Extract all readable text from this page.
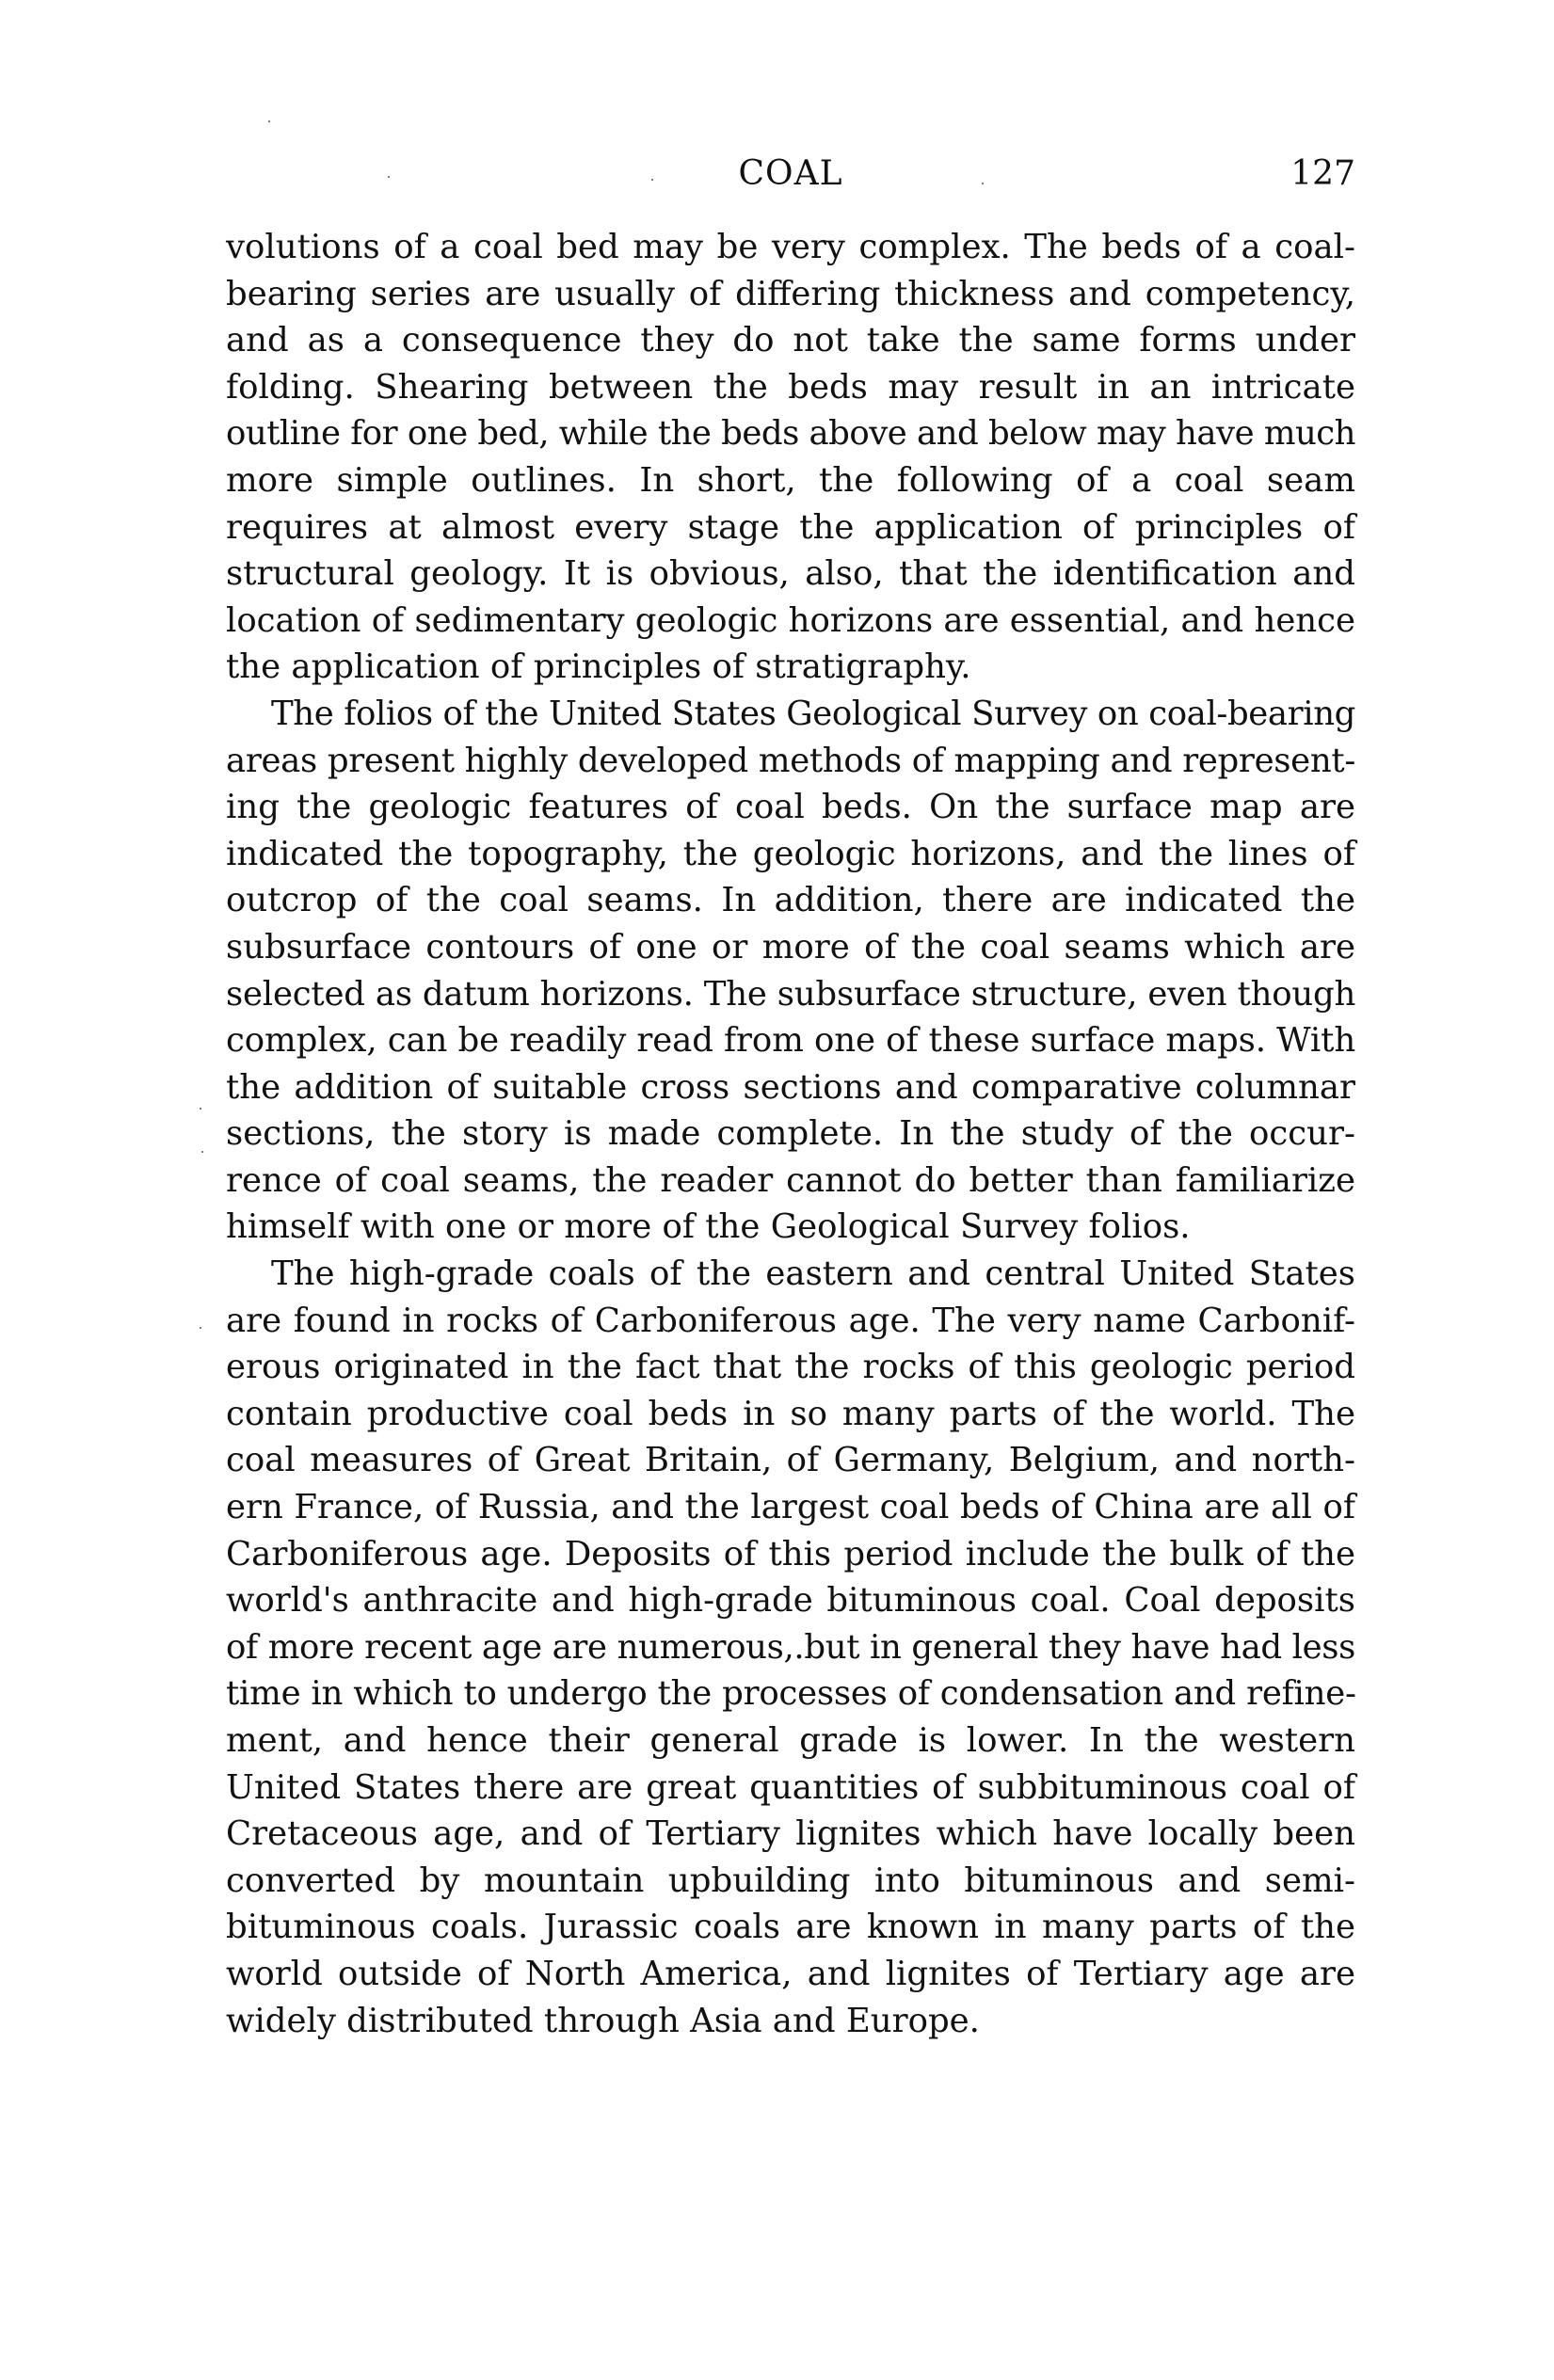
COAL	127
volutions of a coal bed may be very complex. The beds of a coal-
bearing series are usually of differing thickness and competency,
and as a consequence they do not take the same forms under
folding. Shearing between the beds may result in an intricate
outline for one bed, while the beds above and below may have much
more simple outlines. In short, the following of a coal seam
requires at almost every stage the application of principles of
structural geology. It is obvious, also, that the identification and
location of sedimentary geologic horizons are essential, and hence
the application of principles of stratigraphy.
The folios of the United States Geological Survey on coal-bearing
areas present highly developed methods of mapping and represent-
ing the geologic features of coal beds. On the surface map are
indicated the topography, the geologic horizons, and the lines of
outcrop of the coal seams. In addition, there are indicated the
subsurface contours of one or more of the coal seams which are
selected as datum horizons. The subsurface structure, even though
complex, can be readily read from one of these surface maps. With
the addition of suitable cross sections and comparative columnar
sections, the story is made complete. In the study of the occur-
rence of coal seams, the reader cannot do better than familiarize
himself with one or more of the Geological Survey folios.
The high-grade coals of the eastern and central United States
are found in rocks of Carboniferous age. The very name Carbonif-
erous originated in the fact that the rocks of this geologic period
contain productive coal beds in so many parts of the world. The
coal measures of Great Britain, of Germany, Belgium, and north-
ern France, of Russia, and the largest coal beds of China are all of
Carboniferous age. Deposits of this period include the bulk of the
world's anthracite and high-grade bituminous coal. Coal deposits
of more recent age are numerous,.but in general they have had less
time in which to undergo the processes of condensation and refine-
ment, and hence their general grade is lower. In the western
United States there are great quantities of subbituminous coal of
Cretaceous age, and of Tertiary lignites which have locally been
converted by mountain upbuilding into bituminous and semi-
bituminous coals. Jurassic coals are known in many parts of the
world outside of North America, and lignites of Tertiary age are
widely distributed through Asia and Europe.
